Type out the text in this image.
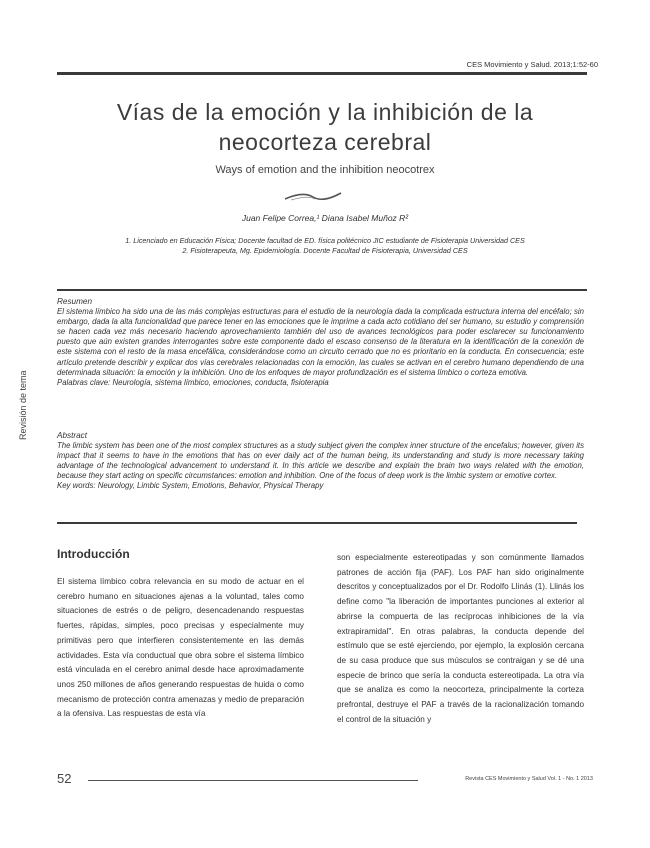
CES Movimiento y Salud. 2013;1:52-60
Vías de la emoción y la inhibición de la
neocorteza cerebral
Ways of emotion and the inhibition neocotrex
Juan Felipe Correa,¹ Diana Isabel Muñoz R²
1. Licenciado en Educación Física; Docente facultad de ED. física politécnico JIC estudiante de Fisioterapia Universidad CES
2. Fisioterapeuta, Mg. Epidemiología. Docente Facultad de Fisioterapia, Universidad CES
Revisión de tema
Resumen
El sistema límbico ha sido una de las más complejas estructuras para el estudio de la neurología dada la complicada estructura interna del encéfalo; sin embargo, dada la alta funcionalidad que parece tener en las emociones que le imprime a cada acto cotidiano del ser humano, su estudio y comprensión se hacen cada vez más necesario haciendo aprovechamiento también del uso de avances tecnológicos para poder esclarecer su funcionamiento puesto que aún existen grandes interrogantes sobre este componente dado el escaso consenso de la literatura en la identificación de la conexión de este sistema con el resto de la masa encefálica, considerándose como un circuito cerrado que no es prioritario en la conducta. En consecuencia; este artículo pretende describir y explicar dos vías cerebrales relacionadas con la emoción, las cuales se activan en el cerebro humano dependiendo de una determinada situación: la emoción y la inhibición. Uno de los enfoques de mayor profundización es el sistema límbico o corteza emotiva.
Palabras clave: Neurología, sistema límbico, emociones, conducta, fisioterapia
Abstract
The limbic system has been one of the most complex structures as a study subject given the complex inner structure of the encefalus; however, given its impact that it seems to have in the emotions that has on ever daily act of the human being, its understanding and study is more necessary taking advantage of the technological advancement to understand it. In this article we describe and explain the brain two ways related with the emotion, because they start acting on specific circumstances: emotion and inhibition. One of the focus of deep work is the limbic system or emotive cortex.
Key words: Neurology, Limbic System, Emotions, Behavior, Physical Therapy
Introducción
El sistema límbico cobra relevancia en su modo de actuar en el cerebro humano en situaciones ajenas a la voluntad, tales como situaciones de estrés o de peligro, desencadenando respuestas fuertes, rápidas, simples, poco precisas y especialmente muy primitivas pero que interfieren consistentemente en las demás actividades. Esta vía conductual que obra sobre el sistema límbico está vinculada en el cerebro animal desde hace aproximadamente unos 250 millones de años generando respuestas de huida o como mecanismo de protección contra amenazas y medio de preparación a la ofensiva. Las respuestas de esta vía
son especialmente estereotipadas y son comúnmente llamados patrones de acción fija (PAF). Los PAF han sido originalmente descritos y conceptualizados por el Dr. Rodolfo Llinás (1). Llinás los define como "la liberación de importantes punciones al exterior al abrirse la compuerta de las recíprocas inhibiciones de la vía extrapiramidal". En otras palabras, la conducta depende del estímulo que se esté ejerciendo, por ejemplo, la explosión cercana de su casa produce que sus músculos se contraigan y se dé una especie de brinco que sería la conducta estereotipada. La otra vía que se analiza es como la neocorteza, principalmente la corteza prefrontal, destruye el PAF a través de la racionalización tomando el control de la situación y
52	Revista CES Movimiento y Salud Vol. 1 - No. 1 2013
